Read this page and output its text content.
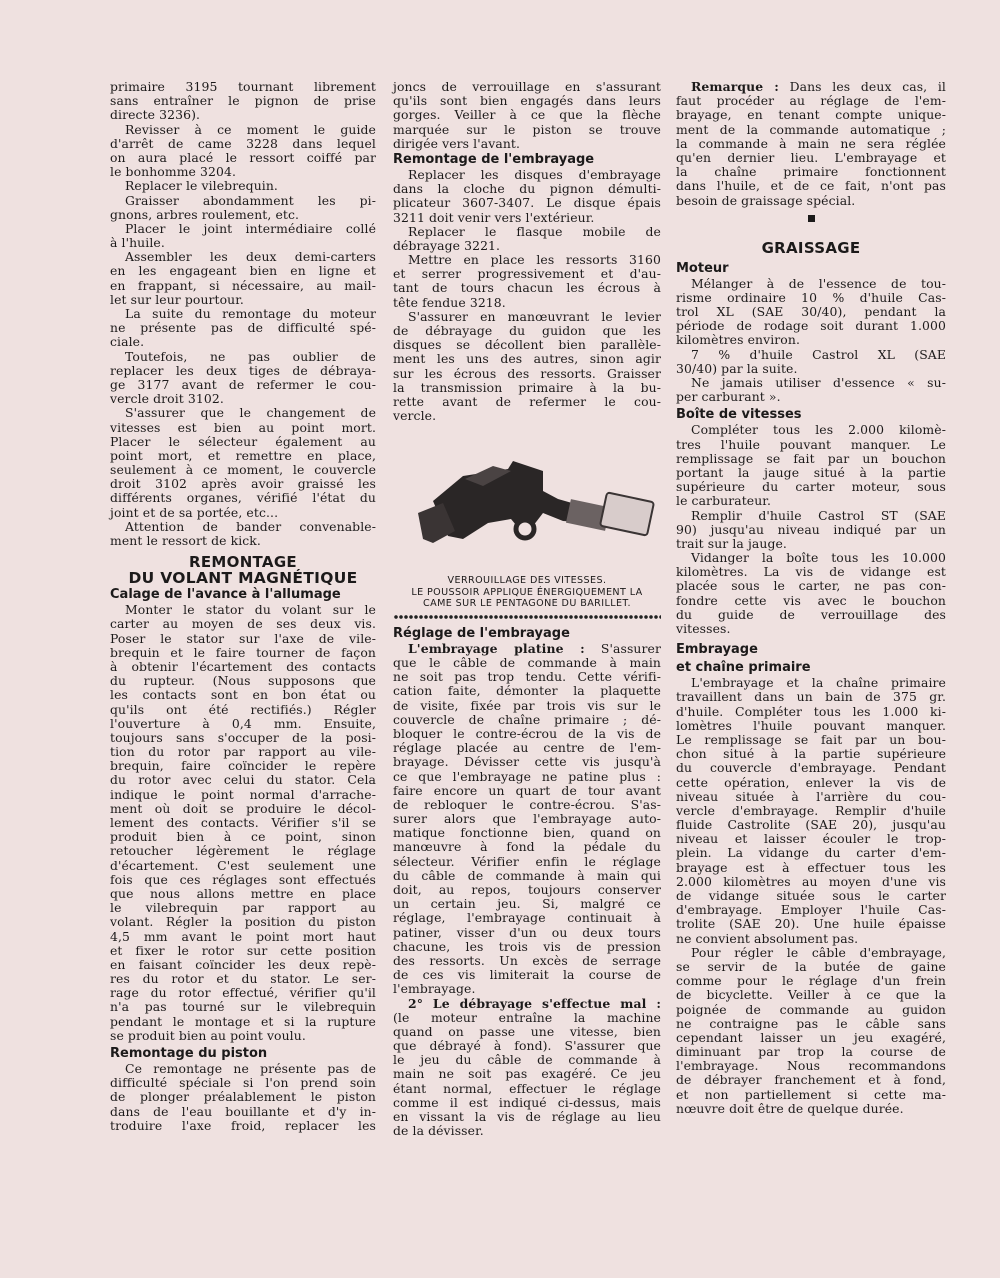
primaire 3195 tournant librement
sans entraîner le pignon de prise
directe 3236).

Revisser à ce moment le guide
d'arrêt de came 3228 dans lequel
on aura placé le ressort coiffé par
le bonhomme 3204.

Replacer le vilebrequin.

Graisser abondamment les pi-
gnons, arbres roulement, etc.

Placer le joint intermédiaire collé
à l'huile.

Assembler les deux demi-carters
en les engageant bien en ligne et
en frappant, si nécessaire, au mail-
let sur leur pourtour.

La suite du remontage du moteur
ne présente pas de difficulté spé-
ciale.

Toutefois, ne pas oublier de
replacer les deux tiges de débraya-
ge 3177 avant de refermer le cou-
vercle droit 3102.

S'assurer que le changement de
vitesses est bien au point mort.
Placer le sélecteur également au
point mort, et remettre en place,
seulement à ce moment, le couvercle
droit 3102 après avoir graissé les
différents organes, vérifié l'état du
joint et de sa portée, etc...

Attention de bander convenable-
ment le ressort de kick.

REMONTAGE
DU VOLANT MAGNÉTIQUE
Calage de l'avance à l'allumage

Monter le stator du volant sur le
carter au moyen de ses deux vis.
Poser le stator sur l'axe de vile-
brequin et le faire tourner de façon
à obtenir l'écartement des contacts
du rupteur. (Nous supposons que
les contacts sont en bon état ou
qu'ils ont été rectifiés.) Régler
l'ouverture à 0,4 mm. Ensuite,
toujours sans s'occuper de la posi-
tion du rotor par rapport au vile-
brequin, faire coïncider le repère
du rotor avec celui du stator. Cela
indique le point normal d'arrache-
ment où doit se produire le décol-
lement des contacts. Vérifier s'il se
produit bien à ce point, sinon
retoucher légèrement le réglage
d'écartement. C'est seulement une
fois que ces réglages sont effectués
que nous allons mettre en place
le vilebrequin par rapport au
volant. Régler la position du piston
4,5 mm avant le point mort haut
et fixer le rotor sur cette position
en faisant coïncider les deux repè-
res du rotor et du stator. Le ser-
rage du rotor effectué, vérifier qu'il
n'a pas tourné sur le vilebrequin
pendant le montage et si la rupture
se produit bien au point voulu.

Remontage du piston

Ce remontage ne présente pas de
difficulté spéciale si l'on prend soin
de plonger préalablement le piston
dans de l'eau bouillante et d'y in-
troduire l'axe froid, replacer les

joncs de verrouillage en s'assurant
qu'ils sont bien engagés dans leurs
gorges. Veiller à ce que la flèche
marquée sur le piston se trouve
dirigée vers l'avant.

Remontage de l'embrayage

Replacer les disques d'embrayage
dans la cloche du pignon démulti-
plicateur 3607-3407. Le disque épais
3211 doit venir vers l'extérieur.

Replacer le flasque mobile de
débrayage 3221.

Mettre en place les ressorts 3160
et serrer progressivement et d'au-
tant de tours chacun les écrous à
tête fendue 3218.

S'assurer en manœuvrant le levier
de débrayage du guidon que les
disques se décollent bien parallèle-
ment les uns des autres, sinon agir
sur les écrous des ressorts. Graisser
la transmission primaire à la bu-
rette avant de refermer le cou-
vercle.

VERROUILLAGE DES VITESSES.
LE POUSSOIR APPLIQUE ÉNERGIQUEMENT LA
CAME SUR LE PENTAGONE DU BARILLET.
Réglage de l'embrayage

L'embrayage platine : S'assurer
que le câble de commande à main
ne soit pas trop tendu. Cette vérifi-
cation faite, démonter la plaquette
de visite, fixée par trois vis sur le
couvercle de chaîne primaire ; dé-
bloquer le contre-écrou de la vis de
réglage placée au centre de l'em-
brayage. Dévisser cette vis jusqu'à
ce que l'embrayage ne patine plus :
faire encore un quart de tour avant
de rebloquer le contre-écrou. S'as-
surer alors que l'embrayage auto-
matique fonctionne bien, quand on
manœuvre à fond la pédale du
sélecteur. Vérifier enfin le réglage
du câble de commande à main qui
doit, au repos, toujours conserver
un certain jeu. Si, malgré ce
réglage, l'embrayage continuait à
patiner, visser d'un ou deux tours
chacune, les trois vis de pression
des ressorts. Un excès de serrage
de ces vis limiterait la course de
l'embrayage.

2° Le débrayage s'effectue mal :
(le moteur entraîne la machine
quand on passe une vitesse, bien
que débrayé à fond). S'assurer que
le jeu du câble de commande à
main ne soit pas exagéré. Ce jeu
étant normal, effectuer le réglage
comme il est indiqué ci-dessus, mais
en vissant la vis de réglage au lieu
de la dévisser.

Remarque : Dans les deux cas, il
faut procéder au réglage de l'em-
brayage, en tenant compte unique-
ment de la commande automatique ;
la commande à main ne sera réglée
qu'en dernier lieu. L'embrayage et
la chaîne primaire fonctionnent
dans l'huile, et de ce fait, n'ont pas
besoin de graissage spécial.

GRAISSAGE
Moteur

Mélanger à de l'essence de tou-
risme ordinaire 10 % d'huile Cas-
trol XL (SAE 30/40), pendant la
période de rodage soit durant 1.000
kilomètres environ.

7 % d'huile Castrol XL (SAE
30/40) par la suite.

Ne jamais utiliser d'essence « su-
per carburant ».

Boîte de vitesses

Compléter tous les 2.000 kilomè-
tres l'huile pouvant manquer. Le
remplissage se fait par un bouchon
portant la jauge situé à la partie
supérieure du carter moteur, sous
le carburateur.

Remplir d'huile Castrol ST (SAE
90) jusqu'au niveau indiqué par un
trait sur la jauge.

Vidanger la boîte tous les 10.000
kilomètres. La vis de vidange est
placée sous le carter, ne pas con-
fondre cette vis avec le bouchon
du guide de verrouillage des
vitesses.

Embrayage
et chaîne primaire

L'embrayage et la chaîne primaire
travaillent dans un bain de 375 gr.
d'huile. Compléter tous les 1.000 ki-
lomètres l'huile pouvant manquer.
Le remplissage se fait par un bou-
chon situé à la partie supérieure
du couvercle d'embrayage. Pendant
cette opération, enlever la vis de
niveau située à l'arrière du cou-
vercle d'embrayage. Remplir d'huile
fluide Castrolite (SAE 20), jusqu'au
niveau et laisser écouler le trop-
plein. La vidange du carter d'em-
brayage est à effectuer tous les
2.000 kilomètres au moyen d'une vis
de vidange située sous le carter
d'embrayage. Employer l'huile Cas-
trolite (SAE 20). Une huile épaisse
ne convient absolument pas.

Pour régler le câble d'embrayage,
se servir de la butée de gaine
comme pour le réglage d'un frein
de bicyclette. Veiller à ce que la
poignée de commande au guidon
ne contraigne pas le câble sans
cependant laisser un jeu exagéré,
diminuant par trop la course de
l'embrayage. Nous recommandons
de débrayer franchement et à fond,
et non partiellement si cette ma-
nœuvre doit être de quelque durée.
